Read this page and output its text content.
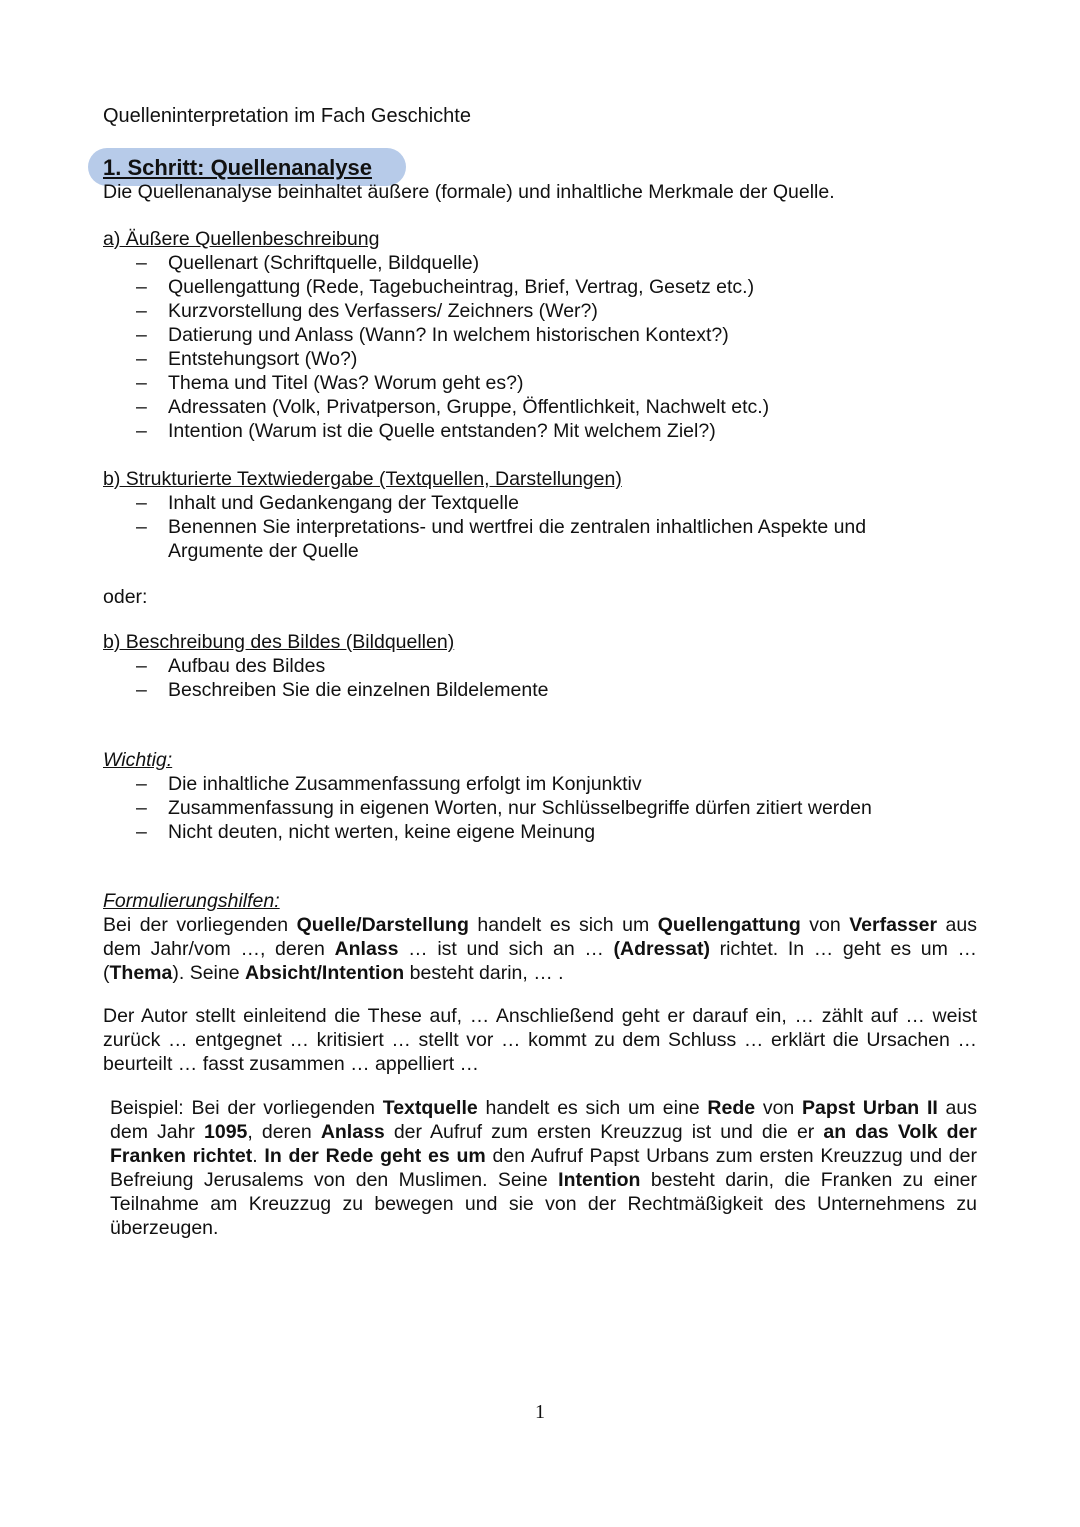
Quelleninterpretation im Fach Geschichte
1. Schritt: Quellenanalyse
Die Quellenanalyse beinhaltet äußere (formale) und inhaltliche Merkmale der Quelle.
a) Äußere Quellenbeschreibung
– Quellenart (Schriftquelle, Bildquelle)
– Quellengattung (Rede, Tagebucheintrag, Brief, Vertrag, Gesetz etc.)
– Kurzvorstellung des Verfassers/ Zeichners (Wer?)
– Datierung und Anlass (Wann? In welchem historischen Kontext?)
– Entstehungsort (Wo?)
– Thema und Titel (Was? Worum geht es?)
– Adressaten (Volk, Privatperson, Gruppe, Öffentlichkeit, Nachwelt etc.)
– Intention (Warum ist die Quelle entstanden? Mit welchem Ziel?)
b) Strukturierte Textwiedergabe (Textquellen, Darstellungen)
– Inhalt und Gedankengang der Textquelle
– Benennen Sie interpretations- und wertfrei die zentralen inhaltlichen Aspekte und Argumente der Quelle
oder:
b) Beschreibung des Bildes (Bildquellen)
– Aufbau des Bildes
– Beschreiben Sie die einzelnen Bildelemente
Wichtig:
– Die inhaltliche Zusammenfassung erfolgt im Konjunktiv
– Zusammenfassung in eigenen Worten, nur Schlüsselbegriffe dürfen zitiert werden
– Nicht deuten, nicht werten, keine eigene Meinung
Formulierungshilfen:
Bei der vorliegenden Quelle/Darstellung handelt es sich um Quellengattung von Verfasser aus dem Jahr/vom …, deren Anlass … ist und sich an … (Adressat) richtet. In … geht es um … (Thema). Seine Absicht/Intention besteht darin, … .
Der Autor stellt einleitend die These auf, … Anschließend geht er darauf ein, … zählt auf … weist zurück … entgegnet … kritisiert … stellt vor … kommt zu dem Schluss … erklärt die Ursachen … beurteilt … fasst zusammen … appelliert …
Beispiel: Bei der vorliegenden Textquelle handelt es sich um eine Rede von Papst Urban II aus dem Jahr 1095, deren Anlass der Aufruf zum ersten Kreuzzug ist und die er an das Volk der Franken richtet. In der Rede geht es um den Aufruf Papst Urbans zum ersten Kreuzzug und der Befreiung Jerusalems von den Muslimen. Seine Intention besteht darin, die Franken zu einer Teilnahme am Kreuzzug zu bewegen und sie von der Rechtmäßigkeit des Unternehmens zu überzeugen.
1
